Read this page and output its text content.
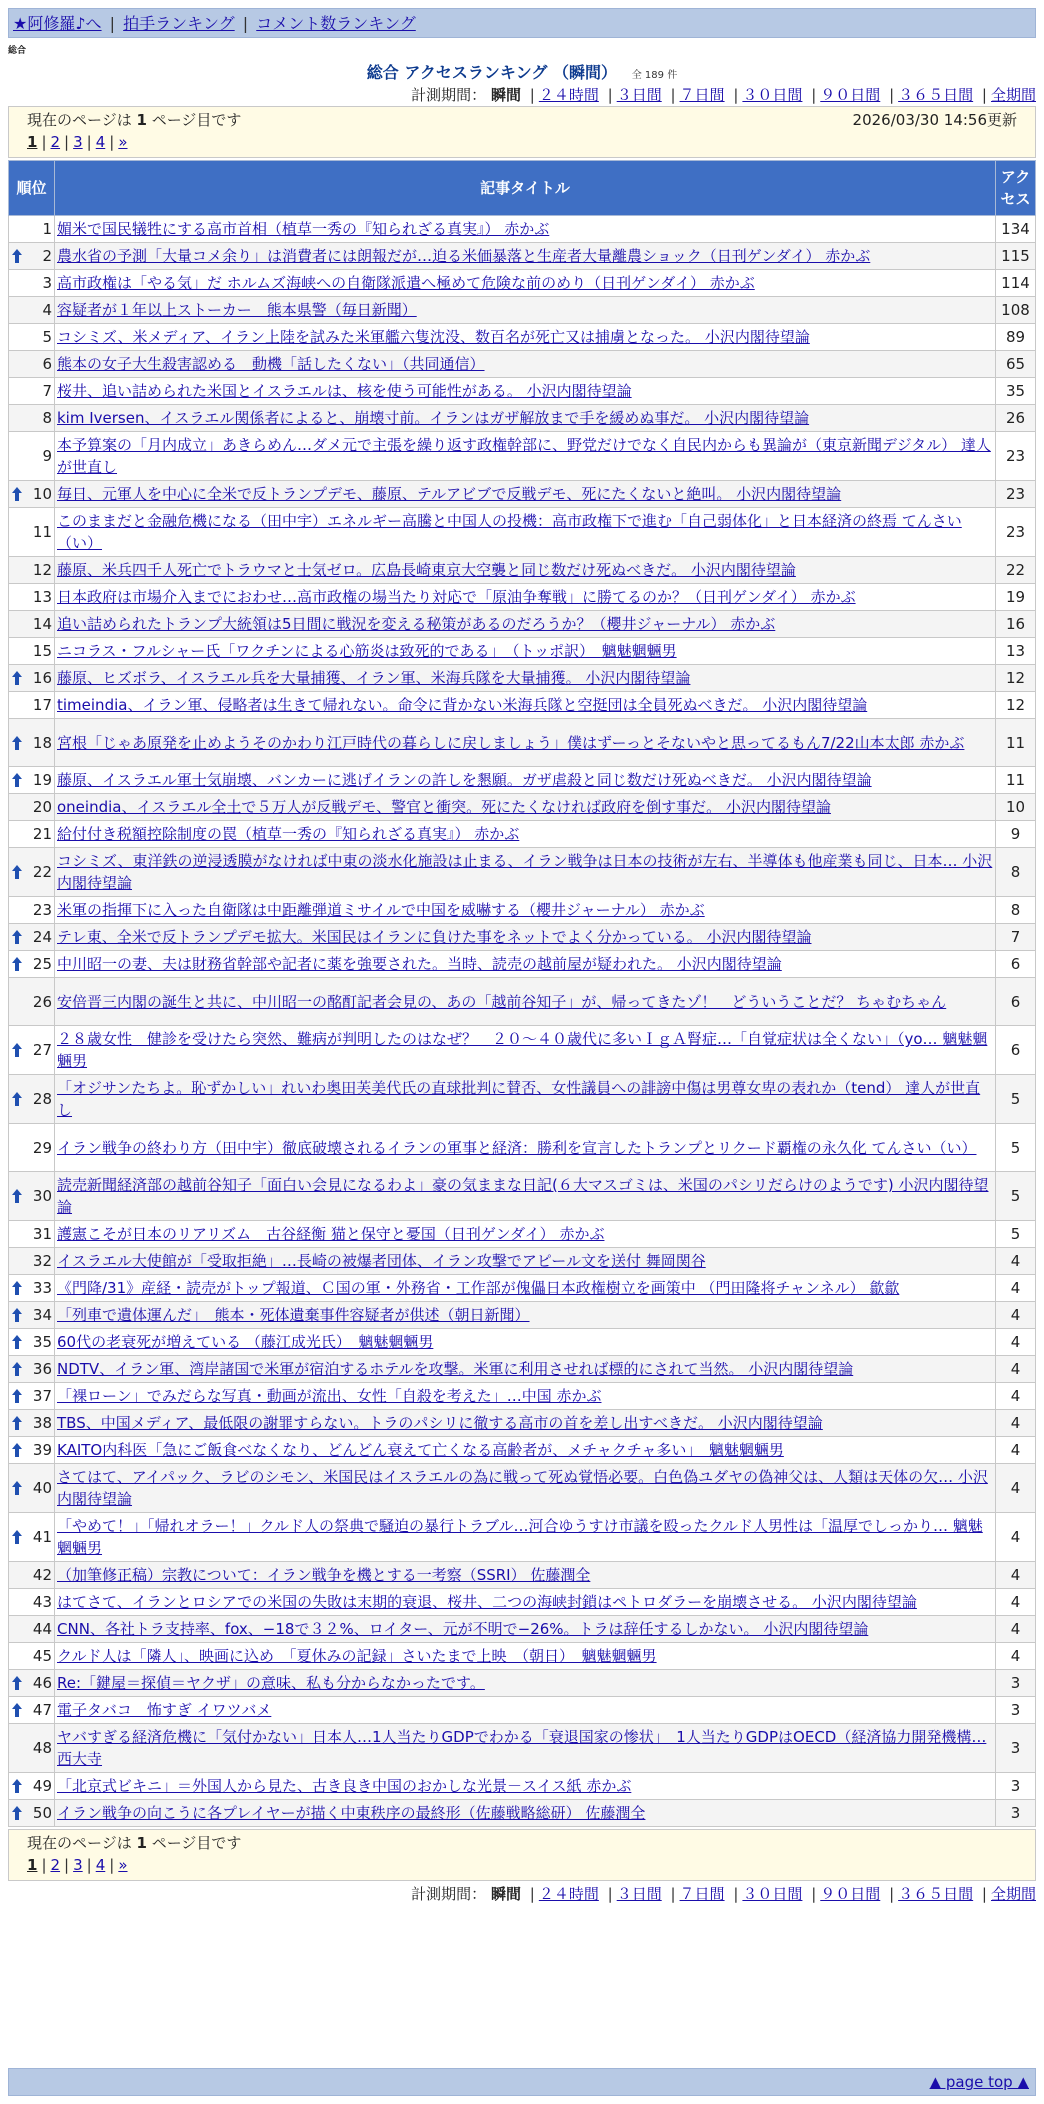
★阿修羅♪へ | 拍手ランキング | コメント数ランキング
総合
総合 アクセスランキング （瞬間） 全 189 件
計測期間： 瞬間 | ２４時間 | ３日間 | ７日間 | ３０日間 | ９０日間 | ３６５日間 | 全期間
現在のページは 1 ページ目です	2026/03/30 14:56更新
1 | 2 | 3 | 4 | »
順位	記事タイトル	アクセス
1	媚米で国民犠牲にする高市首相（植草一秀の『知られざる真実』） 赤かぶ	134

2	農水省の予測「大量コメ余り」は消費者には朗報だが…迫る米価暴落と生産者大量離農ショック（日刊ゲンダイ） 赤かぶ	115
3	高市政権は「やる気」だ ホルムズ海峡への自衛隊派遣へ極めて危険な前のめり（日刊ゲンダイ） 赤かぶ	114
4	容疑者が１年以上ストーカー　熊本県警（毎日新聞）	108
5	コシミズ、米メディア、イラン上陸を試みた米軍艦六隻沈没、数百名が死亡又は捕虜となった。 小沢内閣待望論	89
6	熊本の女子大生殺害認める　動機「話したくない」（共同通信）	65
7	桜井、追い詰められた米国とイスラエルは、核を使う可能性がある。 小沢内閣待望論	35
8	kim Iversen、イスラエル関係者によると、崩壊寸前。イランはガザ解放まで手を緩めぬ事だ。 小沢内閣待望論	26
9	本予算案の「月内成立」あきらめん…ダメ元で主張を繰り返す政権幹部に、野党だけでなく自民内からも異論が（東京新聞デジタル） 達人が世直し	23

10	毎日、元軍人を中心に全米で反トランプデモ、藤原、テルアビブで反戦デモ、死にたくないと絶叫。 小沢内閣待望論	23
11	このままだと金融危機になる（田中宇）エネルギー高騰と中国人の投機：高市政権下で進む「自己弱体化」と日本経済の終焉 てんさい（い）	23
12	藤原、米兵四千人死亡でトラウマと士気ゼロ。広島長崎東京大空襲と同じ数だけ死ぬべきだ。 小沢内閣待望論	22
13	日本政府は市場介入までにおわせ…高市政権の場当たり対応で「原油争奪戦」に勝てるのか？（日刊ゲンダイ） 赤かぶ	19
14	追い詰められたトランプ大統領は5日間に戦況を変える秘策があるのだろうか？（櫻井ジャーナル） 赤かぶ	16
15	ニコラス・フルシャー氏「ワクチンによる心筋炎は致死的である」　（トッポ訳）　魑魅魍魎男	13

16	藤原、ヒズボラ、イスラエル兵を大量捕獲、イラン軍、米海兵隊を大量捕獲。 小沢内閣待望論	12
17	timeindia、イラン軍、侵略者は生きて帰れない。命令に背かない米海兵隊と空挺団は全員死ぬべきだ。 小沢内閣待望論	12

18	宮根「じゃあ原発を止めようそのかわり江戸時代の暮らしに戻しましょう」僕はずーっとそないやと思ってるもん7/22山本太郎 赤かぶ	11

19	藤原、イスラエル軍士気崩壊、バンカーに逃げイランの許しを懇願。ガザ虐殺と同じ数だけ死ぬべきだ。 小沢内閣待望論	11
20	oneindia、イスラエル全土で５万人が反戦デモ、警官と衝突。死にたくなければ政府を倒す事だ。 小沢内閣待望論	10
21	給付付き税額控除制度の罠（植草一秀の『知られざる真実』） 赤かぶ	9

22	コシミズ、東洋鉄の逆浸透膜がなければ中東の淡水化施設は止まる、イラン戦争は日本の技術が左右、半導体も他産業も同じ、日本… 小沢内閣待望論	8
23	米軍の指揮下に入った自衛隊は中距離弾道ミサイルで中国を威嚇する（櫻井ジャーナル） 赤かぶ	8

24	テレ東、全米で反トランプデモ拡大。米国民はイランに負けた事をネットでよく分かっている。 小沢内閣待望論	7

25	中川昭一の妻、夫は財務省幹部や記者に薬を強要された。当時、読売の越前屋が疑われた。 小沢内閣待望論	6
26	安倍晋三内閣の誕生と共に、中川昭一の酩酊記者会見の、あの「越前谷知子」が、帰ってきたゾ！　どういうことだ？ ちゃむちゃん	6

27	２８歳女性　健診を受けたら突然、難病が判明したのはなぜ？　２０～４０歳代に多いＩｇＡ腎症…「自覚症状は全くない」（yo… 魑魅魍魎男	6

28	「オジサンたちよ。恥ずかしい」れいわ奥田芙美代氏の直球批判に賛否、女性議員への誹謗中傷は男尊女卑の表れか（tend） 達人が世直し	5
29	イラン戦争の終わり方（田中宇）徹底破壊されるイランの軍事と経済：勝利を宣言したトランプとリクード覇権の永久化 てんさい（い）	5

30	読売新聞経済部の越前谷知子「面白い会見になるわよ」豪の気ままな日記(６大マスゴミは、米国のパシリだらけのようです) 小沢内閣待望論	5
31	護憲こそが日本のリアリズム　古谷経衡 猫と保守と憂国（日刊ゲンダイ） 赤かぶ	5
32	イスラエル大使館が「受取拒絶」…長崎の被爆者団体、イラン攻撃でアピール文を送付 舞岡関谷	4

33	《門降/31》産経・読売がトップ報道、Ｃ国の軍・外務省・工作部が傀儡日本政権樹立を画策中 （門田隆将チャンネル） 歙歙	4

34	「列車で遺体運んだ」　熊本・死体遺棄事件容疑者が供述（朝日新聞）	4

35	60代の老衰死が増えている （藤江成光氏）　魑魅魍魎男	4

36	NDTV、イラン軍、湾岸諸国で米軍が宿泊するホテルを攻撃。米軍に利用させれば標的にされて当然。 小沢内閣待望論	4

37	「裸ローン」でみだらな写真・動画が流出、女性「自殺を考えた」…中国 赤かぶ	4

38	TBS、中国メディア、最低限の謝罪すらない。トラのパシリに徹する高市の首を差し出すべきだ。 小沢内閣待望論	4

39	KAITO内科医「急にご飯食べなくなり、どんどん衰えて亡くなる高齢者が、メチャクチャ多い」　魑魅魍魎男	4

40	さてはて、アイパック、ラビのシモン、米国民はイスラエルの為に戦って死ぬ覚悟必要。白色偽ユダヤの偽神父は、人類は天体の欠… 小沢内閣待望論	4

41	「やめて！」「帰れオラー！」クルド人の祭典で騒迫の暴行トラブル…河合ゆうすけ市議を殴ったクルド人男性は「温厚でしっかり… 魑魅魍魎男	4
42	（加筆修正稿）宗教について：イラン戦争を機とする一考察（SSRI） 佐藤潤全	4
43	はてさて、イランとロシアでの米国の失敗は末期的衰退、桜井、二つの海峡封鎖はペトロダラーを崩壊させる。 小沢内閣待望論	4
44	CNN、各社トラ支持率、fox、−18で３２%、ロイター、元が不明で−26%。トラは辞任するしかない。 小沢内閣待望論	4
45	クルド人は「隣人」、映画に込め　「夏休みの記録」さいたまで上映　（朝日）　魑魅魍魎男	4

46	Re:「鍵屋＝探偵＝ヤクザ」の意味、私も分からなかったです。	3

47	電子タバコ　怖すぎ イワツバメ	3
48	ヤバすぎる経済危機に「気付かない」日本人…1人当たりGDPでわかる「衰退国家の惨状」　1人当たりGDPはOECD（経済協力開発機構… 西大寺	3

49	「北京式ビキニ」＝外国人から見た、古き良き中国のおかしな光景－スイス紙 赤かぶ	3

50	イラン戦争の向こうに各プレイヤーが描く中東秩序の最終形（佐藤戦略総研） 佐藤潤全	3
現在のページは 1 ページ目です
1 | 2 | 3 | 4 | »
計測期間： 瞬間 | ２４時間 | ３日間 | ７日間 | ３０日間 | ９０日間 | ３６５日間 | 全期間
▲ page top ▲
